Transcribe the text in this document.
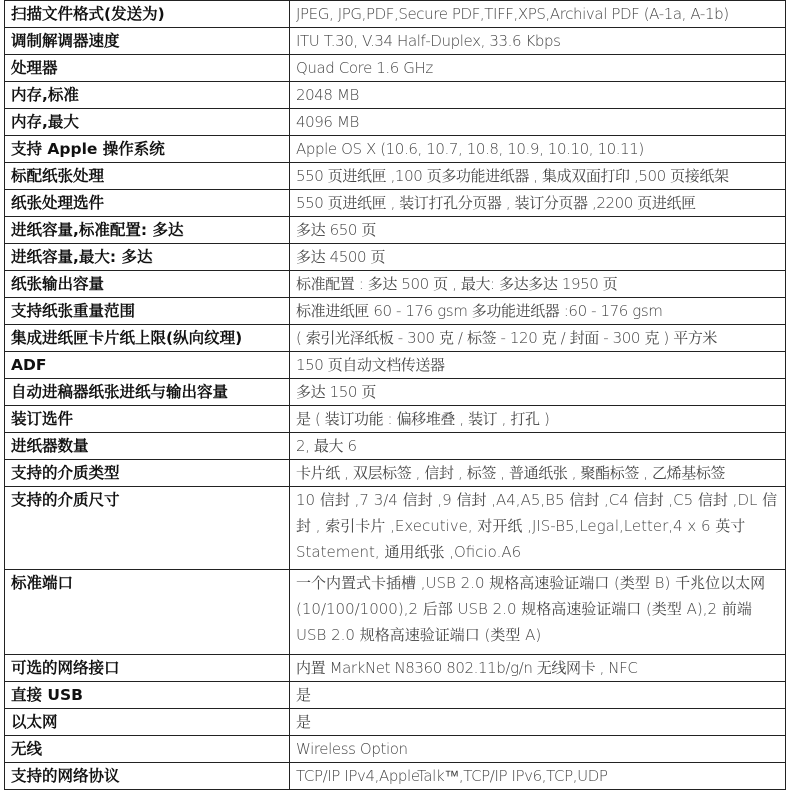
扫描文件格式(发送为)	JPEG, JPG,PDF,Secure PDF,TIFF,XPS,Archival PDF (A-1a, A-1b)
调制解调器速度	ITU T.30, V.34 Half-Duplex, 33.6 Kbps
处理器	Quad Core 1.6 GHz
内存,标准	2048 MB
内存,最大	4096 MB
支持 Apple 操作系统	Apple OS X (10.6, 10.7, 10.8, 10.9, 10.10, 10.11)
标配纸张处理	550 页进纸匣 ,100 页多功能进纸器 , 集成双面打印 ,500 页接纸架
纸张处理选件	550 页进纸匣 , 装订打孔分页器 , 装订分页器 ,2200 页进纸匣
进纸容量,标准配置: 多达	多达 650 页
进纸容量,最大: 多达	多达 4500 页
纸张输出容量	标准配置 : 多达 500 页 , 最大: 多达多达 1950 页
支持纸张重量范围	标准进纸匣 60 - 176 gsm 多功能进纸器 :60 - 176 gsm
集成进纸匣卡片纸上限(纵向纹理)	( 索引光泽纸板 - 300 克 / 标签 - 120 克 / 封面 - 300 克 ) 平方米
ADF	150 页自动文档传送器
自动进稿器纸张进纸与输出容量	多达 150 页
装订选件	是 ( 装订功能 : 偏移堆叠 , 装订 , 打孔 )
进纸器数量	2, 最大 6
支持的介质类型	卡片纸 , 双层标签 , 信封 , 标签 , 普通纸张 , 聚酯标签 , 乙烯基标签
支持的介质尺寸	10 信封 ,7 3/4 信封 ,9 信封 ,A4,A5,B5 信封 ,C4 信封 ,C5 信封 ,DL 信封 , 索引卡片 ,Executive, 对开纸 ,JIS-B5,Legal,Letter,4 x 6 英寸 Statement, 通用纸张 ,Oficio.A6
标准端口	一个内置式卡插槽 ,USB 2.0 规格高速验证端口 (类型 B) 千兆位以太网 (10/100/1000),2 后部 USB 2.0 规格高速验证端口 (类型 A),2 前端 USB 2.0 规格高速验证端口 (类型 A)
可选的网络接口	内置 MarkNet N8360 802.11b/g/n 无线网卡 , NFC
直接 USB	是
以太网	是
无线	Wireless Option
支持的网络协议	TCP/IP IPv4,AppleTalk™,TCP/IP IPv6,TCP,UDP
